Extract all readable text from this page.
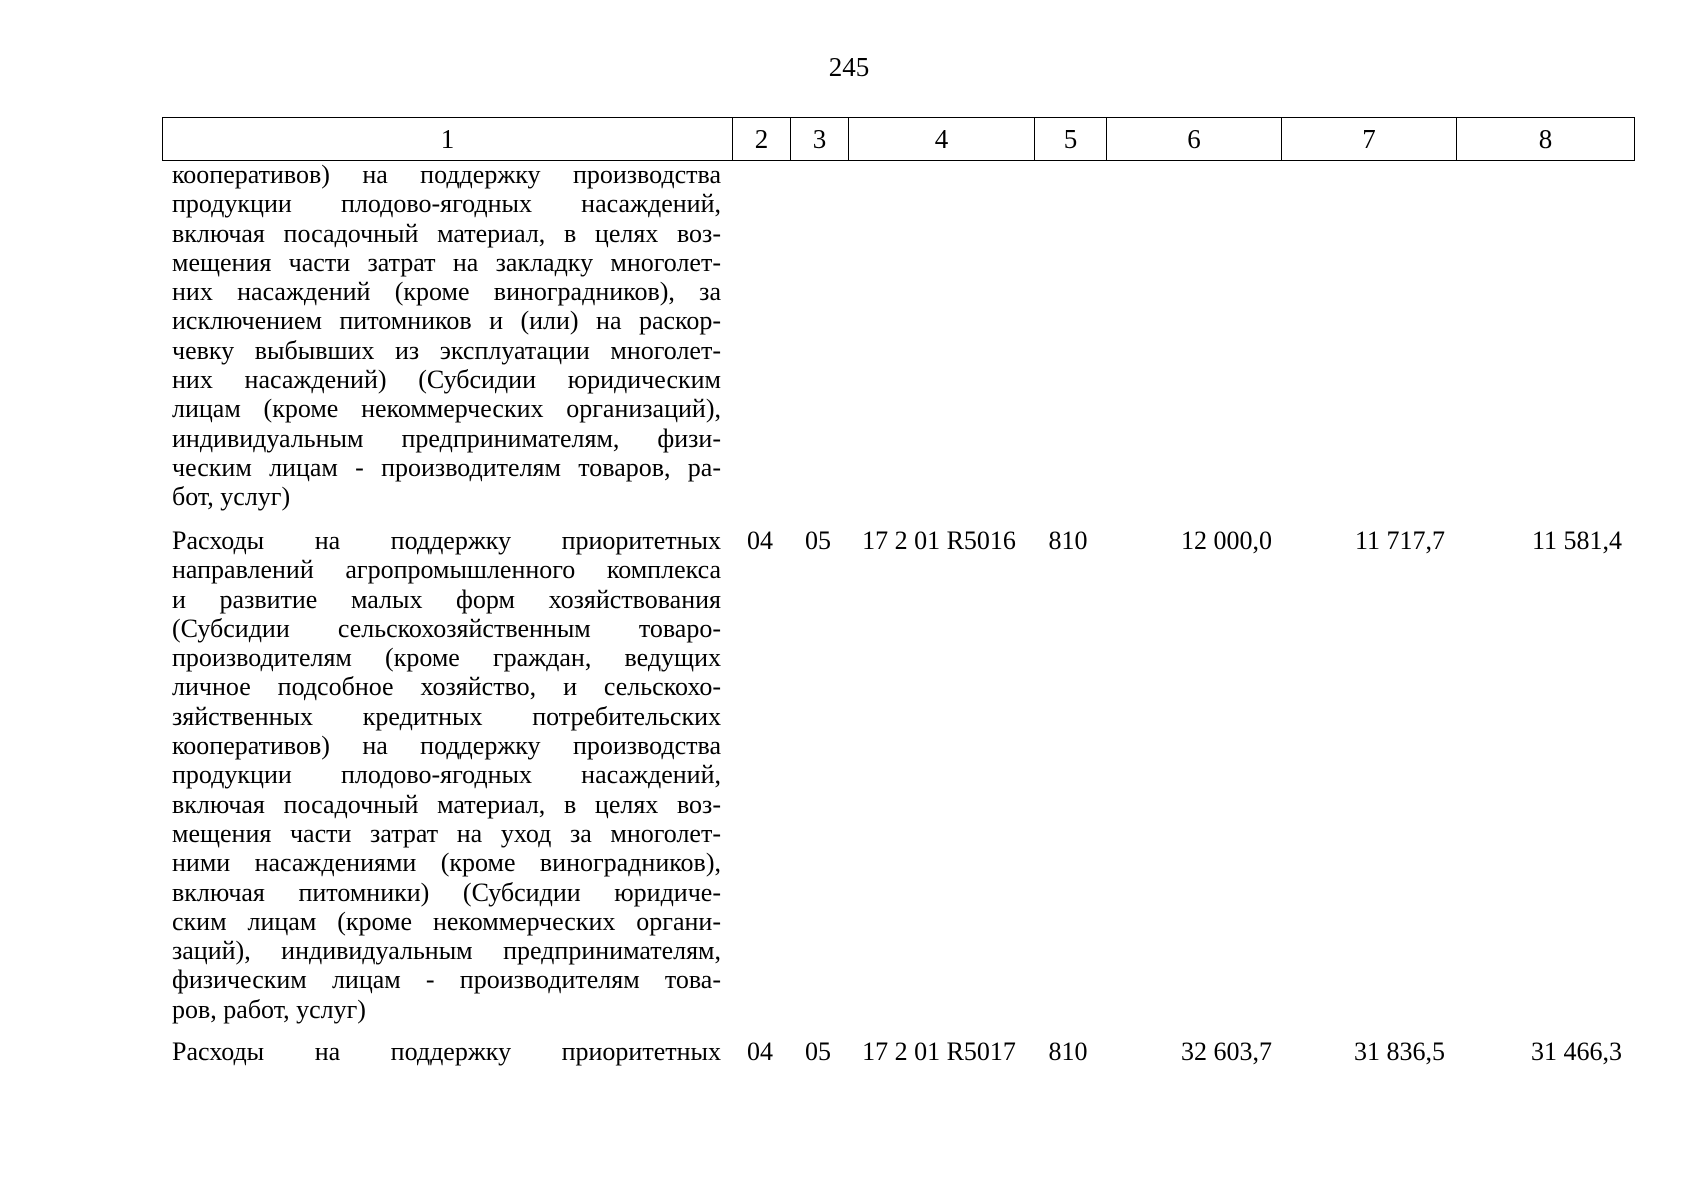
245
1	2	3	4	5	6	7	8
кооперативов) на поддержку производства
продукции плодово-ягодных насаждений,
включая посадочный материал, в целях воз-
мещения части затрат на закладку многолет-
них насаждений (кроме виноградников), за
исключением питомников и (или) на раскор-
чевку выбывших из эксплуатации многолет-
них насаждений) (Субсидии юридическим
лицам (кроме некоммерческих организаций),
индивидуальным предпринимателям, физи-
ческим лицам - производителям товаров, ра-
бот, услуг)
Расходы на поддержку приоритетных
направлений агропромышленного комплекса
и развитие малых форм хозяйствования
(Субсидии сельскохозяйственным товаро-
производителям (кроме граждан, ведущих
личное подсобное хозяйство, и сельскохо-
зяйственных кредитных потребительских
кооперативов) на поддержку производства
продукции плодово-ягодных насаждений,
включая посадочный материал, в целях воз-
мещения части затрат на уход за многолет-
ними насаждениями (кроме виноградников),
включая питомники) (Субсидии юридиче-
ским лицам (кроме некоммерческих органи-
заций), индивидуальным предпринимателям,
физическим лицам - производителям това-
ров, работ, услуг)
04	05	17 2 01 R5016	810	12 000,0	11 717,7	11 581,4
Расходы на поддержку приоритетных	04	05	17 2 01 R5017	810	32 603,7	31 836,5	31 466,3
